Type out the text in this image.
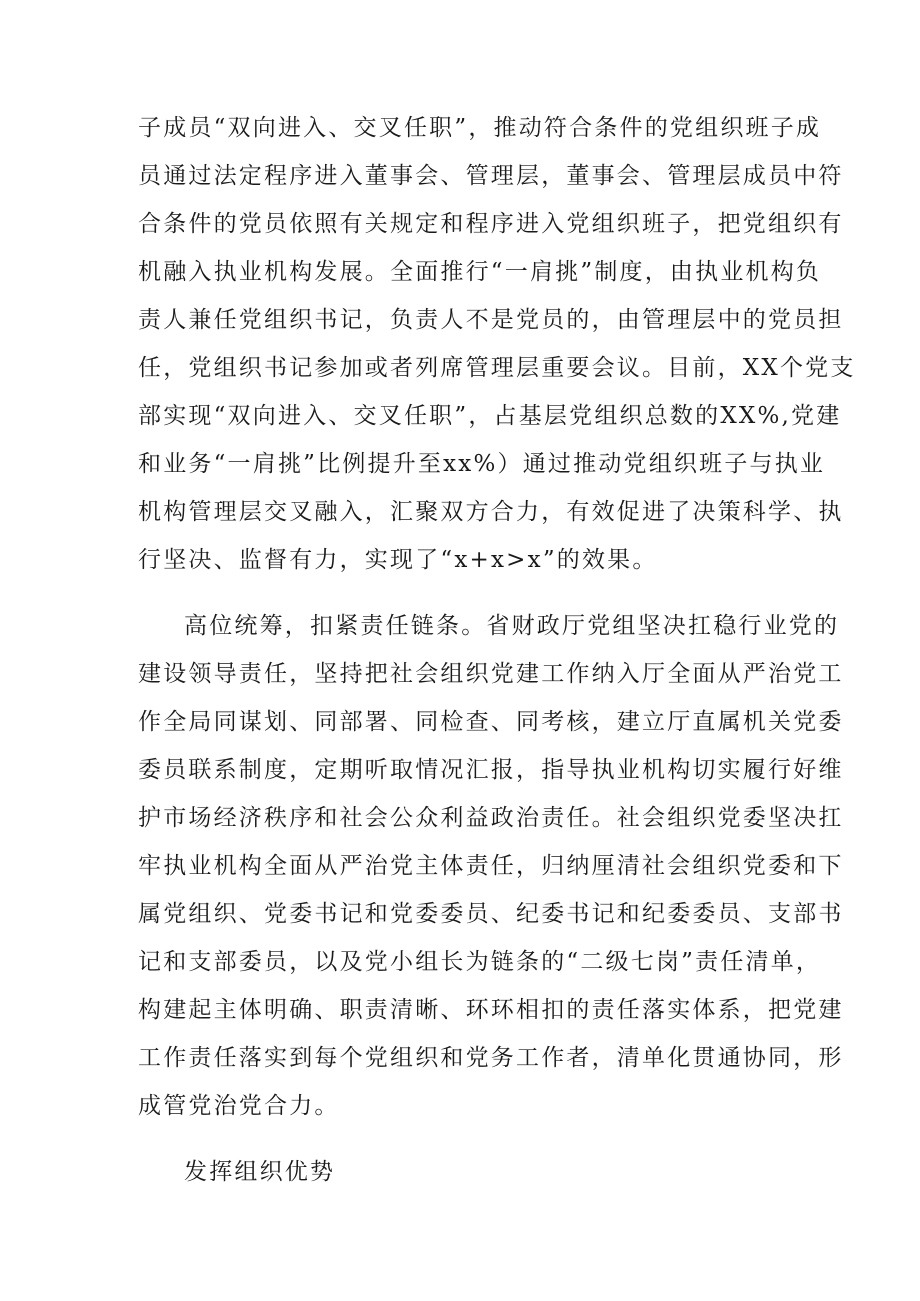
子成员“双向进入、交叉任职”，推动符合条件的党组织班子成
员通过法定程序进入董事会、管理层，董事会、管理层成员中符
合条件的党员依照有关规定和程序进入党组织班子，把党组织有
机融入执业机构发展。全面推行“一肩挑”制度，由执业机构负
责人兼任党组织书记，负责人不是党员的，由管理层中的党员担
任，党组织书记参加或者列席管理层重要会议。目前，XX个党支
部实现“双向进入、交叉任职”，占基层党组织总数的XX%,党建
和业务“一肩挑”比例提升至xx%）通过推动党组织班子与执业
机构管理层交叉融入，汇聚双方合力，有效促进了决策科学、执
行坚决、监督有力，实现了“x+x>x”的效果。
高位统筹，扣紧责任链条。省财政厅党组坚决扛稳行业党的
建设领导责任，坚持把社会组织党建工作纳入厅全面从严治党工
作全局同谋划、同部署、同检查、同考核，建立厅直属机关党委
委员联系制度，定期听取情况汇报，指导执业机构切实履行好维
护市场经济秩序和社会公众利益政治责任。社会组织党委坚决扛
牢执业机构全面从严治党主体责任，归纳厘清社会组织党委和下
属党组织、党委书记和党委委员、纪委书记和纪委委员、支部书
记和支部委员，以及党小组长为链条的“二级七岗”责任清单，
构建起主体明确、职责清晰、环环相扣的责任落实体系，把党建
工作责任落实到每个党组织和党务工作者，清单化贯通协同，形
成管党治党合力。
发挥组织优势
